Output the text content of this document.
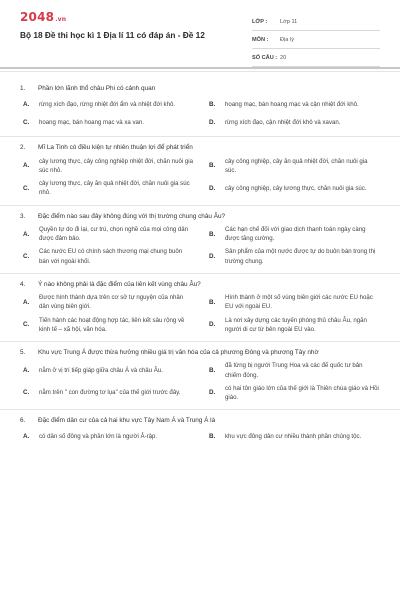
2048.vn
Bộ 18 Đề thi học kì 1 Địa lí 11 có đáp án - Đề 12
LỚP :	Lớp 11
MÔN :	Địa lý
SỐ CÂU : 20
1.	Phần lớn lãnh thổ châu Phi có cảnh quan
A.	rừng xích đạo, rừng nhiệt đới ẩm và nhiệt đới khô.	B.	hoang mạc, bán hoang mạc và cận nhiệt đới khô.
C.	hoang mạc, bán hoang mạc và xa van.	D.	rừng xích đạo, cận nhiệt đới khô và xavan.
2.	Mĩ La Tinh có điều kiện tự nhiên thuận lợi để phát triển
A.
cây lương thực, cây công nghiệp nhiệt đới, chăn nuôi gia súc nhỏ.
B.
cây công nghiệp, cây ăn quả nhiệt đới, chăn nuôi gia súc.
C.
cây lương thực, cây ăn quả nhiệt đới, chăn nuôi gia súc nhỏ.
D.	cây công nghiệp, cây lương thực, chăn nuôi gia súc.
3.	Đặc điểm nào sau đây không đúng với thị trường chung châu Âu?
A.
Quyền tự do đi lại, cư trú, chọn nghề của mọi công dân được đảm bảo.
B.
Các hạn chế đối với giao dịch thanh toán ngày càng được tăng cường.
C.
Các nước EU có chính sách thương mại chung buôn bán với ngoài khối.
D.
Sản phẩm của một nước được tự do buôn bán trong thị trường chung.
4.	Ý nào không phải là đặc điểm của liên kết vùng châu Âu?
A.
Được hình thành dựa trên cơ sở tự nguyện của nhân dân vùng biên giới.
B.
Hình thành ở một số vùng biên giới các nước EU hoặc EU với ngoài EU.
C.
Tiến hành các hoạt động hợp tác, liên kết sâu rộng về kinh tế – xã hội, văn hóa.
D.
Là nơi xây dựng các tuyến phòng thủ châu Âu, ngăn người di cư từ bên ngoài EU vào.
5.	Khu vực Trung Á được thừa hưởng nhiều giá trị văn hóa của cả phương Đông và phương Tây nhờ
A.	nằm ở vị trí tiếp giáp giữa châu Á và châu Âu.	B.
đã từng bị người Trung Hoa và các đế quốc tư bản chiếm đóng.
C.	nằm trên " con đường tơ lụa" của thế giới trước đây.	D.
có hai tôn giáo lớn của thế giới là Thiên chúa giáo và Hồi giáo.
6.	Đặc điểm dân cư của cả hai khu vực Tây Nam Á và Trung Á là
A.	có dân số đông và phần lớn là người Ả-rập.	B.	khu vực đông dân cư nhiều thành phần chủng tộc.
